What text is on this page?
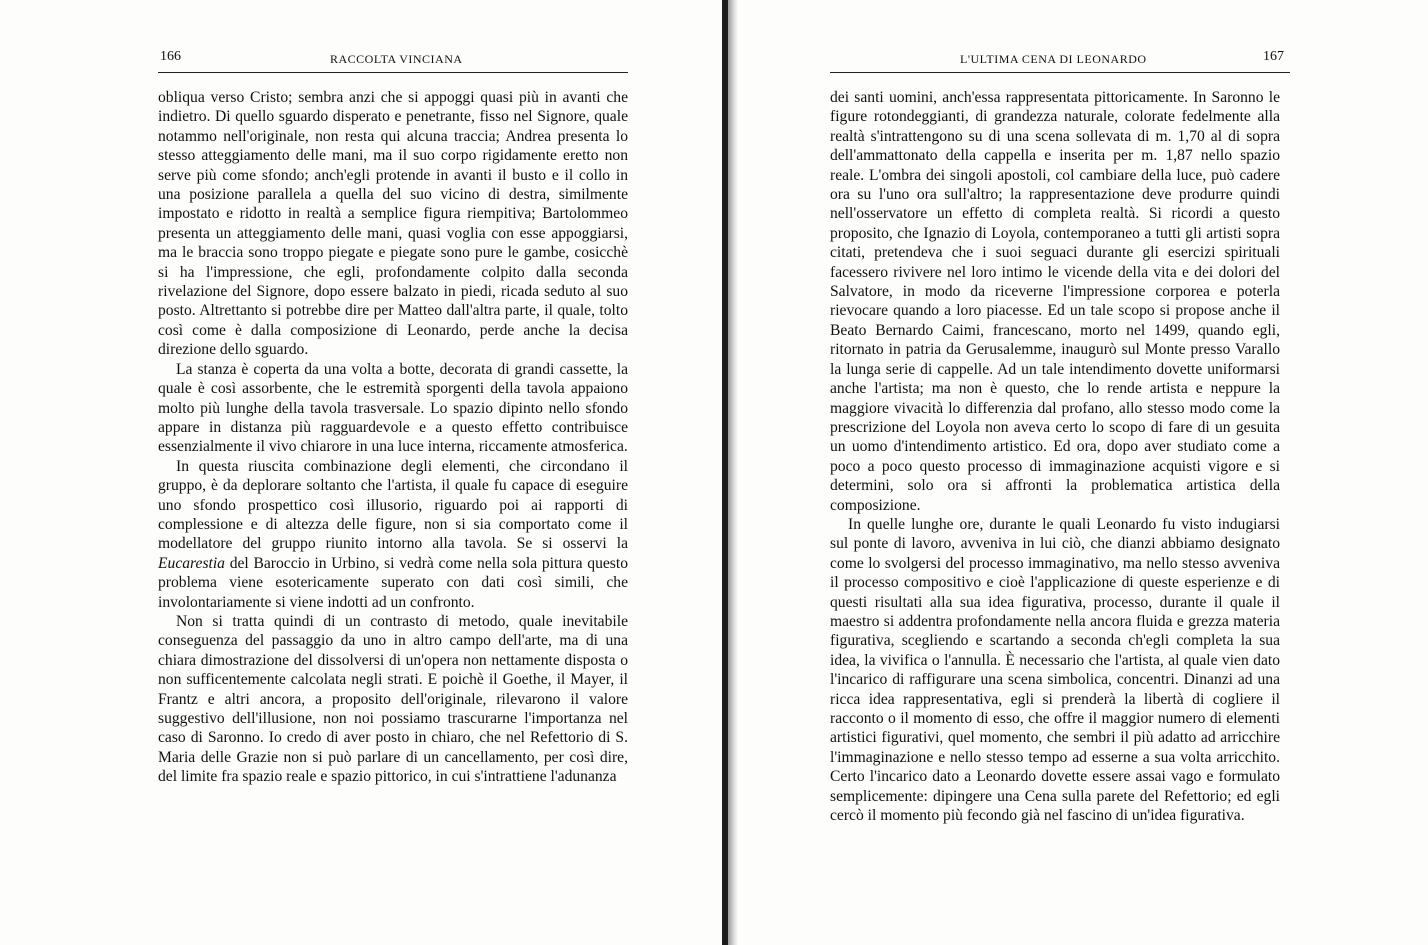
166	RACCOLTA VINCIANA

obliqua verso Cristo; sembra anzi che si appoggi quasi più in avanti che indietro. Di quello sguardo disperato e penetrante, fisso nel Signore, quale notammo nell'originale, non resta qui alcuna traccia; Andrea presenta lo stesso atteggiamento delle mani, ma il suo corpo rigidamente eretto non serve più come sfondo; anch'egli protende in avanti il busto e il collo in una posizione parallela a quella del suo vicino di destra, similmente impostato e ridotto in realtà a semplice figura riempitiva; Bartolommeo presenta un atteggiamento delle mani, quasi voglia con esse appoggiarsi, ma le braccia sono troppo piegate e piegate sono pure le gambe, cosicchè si ha l'impressione, che egli, profondamente colpito dalla seconda rivelazione del Signore, dopo essere balzato in piedi, ricada seduto al suo posto. Altrettanto si potrebbe dire per Matteo dall'altra parte, il quale, tolto così come è dalla composizione di Leonardo, perde anche la decisa direzione dello sguardo.

La stanza è coperta da una volta a botte, decorata di grandi cassette, la quale è così assorbente, che le estremità sporgenti della tavola appaiono molto più lunghe della tavola trasversale. Lo spazio dipinto nello sfondo appare in distanza più ragguardevole e a questo effetto contribuisce essenzialmente il vivo chiarore in una luce interna, riccamente atmosferica.

In questa riuscita combinazione degli elementi, che circondano il gruppo, è da deplorare soltanto che l'artista, il quale fu capace di eseguire uno sfondo prospettico così illusorio, riguardo poi ai rapporti di complessione e di altezza delle figure, non si sia comportato come il modellatore del gruppo riunito intorno alla tavola. Se si osservi la Eucarestia del Baroccio in Urbino, si vedrà come nella sola pittura questo problema viene esotericamente superato con dati così simili, che involontariamente si viene indotti ad un confronto.

Non si tratta quindi di un contrasto di metodo, quale inevitabile conseguenza del passaggio da uno in altro campo dell'arte, ma di una chiara dimostrazione del dissolversi di un'opera non nettamente disposta o non sufficentemente calcolata negli strati. E poichè il Goethe, il Mayer, il Frantz e altri ancora, a proposito dell'originale, rilevarono il valore suggestivo dell'illusione, non noi possiamo trascurarne l'importanza nel caso di Saronno. Io credo di aver posto in chiaro, che nel Refettorio di S. Maria delle Grazie non si può parlare di un cancellamento, per così dire, del limite fra spazio reale e spazio pittorico, in cui s'intrattiene l'adunanza

L'ULTIMA CENA DI LEONARDO	167

dei santi uomini, anch'essa rappresentata pittoricamente. In Saronno le figure rotondeggianti, di grandezza naturale, colorate fedelmente alla realtà s'intrattengono su di una scena sollevata di m. 1,70 al di sopra dell'ammattonato della cappella e inserita per m. 1,87 nello spazio reale. L'ombra dei singoli apostoli, col cambiare della luce, può cadere ora su l'uno ora sull'altro; la rappresentazione deve produrre quindi nell'osservatore un effetto di completa realtà. Si ricordi a questo proposito, che Ignazio di Loyola, contemporaneo a tutti gli artisti sopra citati, pretendeva che i suoi seguaci durante gli esercizi spirituali facessero rivivere nel loro intimo le vicende della vita e dei dolori del Salvatore, in modo da riceverne l'impressione corporea e poterla rievocare quando a loro piacesse. Ed un tale scopo si propose anche il Beato Bernardo Caimi, francescano, morto nel 1499, quando egli, ritornato in patria da Gerusalemme, inaugurò sul Monte presso Varallo la lunga serie di cappelle. Ad un tale intendimento dovette uniformarsi anche l'artista; ma non è questo, che lo rende artista e neppure la maggiore vivacità lo differenzia dal profano, allo stesso modo come la prescrizione del Loyola non aveva certo lo scopo di fare di un gesuita un uomo d'intendimento artistico. Ed ora, dopo aver studiato come a poco a poco questo processo di immaginazione acquisti vigore e si determini, solo ora si affronti la problematica artistica della composizione.

In quelle lunghe ore, durante le quali Leonardo fu visto indugiarsi sul ponte di lavoro, avveniva in lui ciò, che dianzi abbiamo designato come lo svolgersi del processo immaginativo, ma nello stesso avveniva il processo compositivo e cioè l'applicazione di queste esperienze e di questi risultati alla sua idea figurativa, processo, durante il quale il maestro si addentra profondamente nella ancora fluida e grezza materia figurativa, scegliendo e scartando a seconda ch'egli completa la sua idea, la vivifica o l'annulla. È necessario che l'artista, al quale vien dato l'incarico di raffigurare una scena simbolica, concentri. Dinanzi ad una ricca idea rappresentativa, egli si prenderà la libertà di cogliere il racconto o il momento di esso, che offre il maggior numero di elementi artistici figurativi, quel momento, che sembri il più adatto ad arricchire l'immaginazione e nello stesso tempo ad esserne a sua volta arricchito. Certo l'incarico dato a Leonardo dovette essere assai vago e formulato semplicemente: dipingere una Cena sulla parete del Refettorio; ed egli cercò il momento più fecondo già nel fascino di un'idea figurativa.
